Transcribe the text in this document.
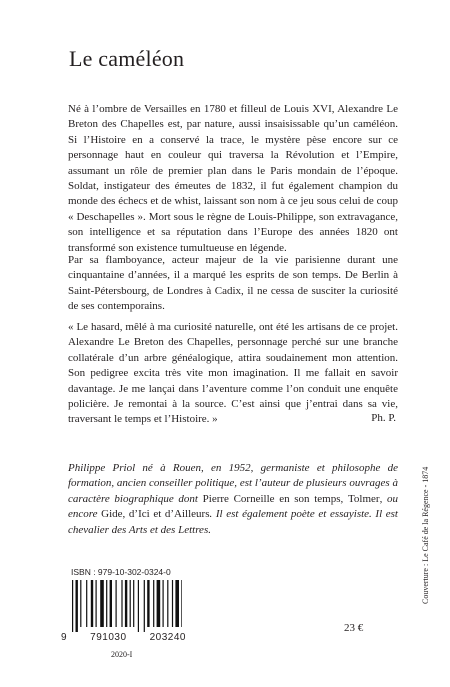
Le caméléon

Né à l’ombre de Versailles en 1780 et filleul de Louis XVI, Alexandre Le Breton des Chapelles est, par nature, aussi insaisissable qu’un caméléon. Si l’Histoire en a conservé la trace, le mystère pèse encore sur ce personnage haut en couleur qui traversa la Révolution et l’Empire, assumant un rôle de premier plan dans le Paris mondain de l’époque. Soldat, instigateur des émeutes de 1832, il fut également champion du monde des échecs et de whist, laissant son nom à ce jeu sous celui de coup « Deschapelles ». Mort sous le règne de Louis-Philippe, son extravagance, son intelligence et sa réputation dans l’Europe des années 1820 ont transformé son existence tumultueuse en légende.

Par sa flamboyance, acteur majeur de la vie parisienne durant une cinquantaine d’années, il a marqué les esprits de son temps. De Berlin à Saint-Pétersbourg, de Londres à Cadix, il ne cessa de susciter la curiosité de ses contemporains.

« Le hasard, mêlé à ma curiosité naturelle, ont été les artisans de ce projet. Alexandre Le Breton des Chapelles, personnage perché sur une branche collatérale d’un arbre généalogique, attira soudainement mon attention. Son pedigree excita très vite mon imagination. Il me fallait en savoir davantage. Je me lançai dans l’aventure comme l’on conduit une enquête policière. Je remontai à la source. C’est ainsi que j’entrai dans sa vie, traversant le temps et l’Histoire. »	Ph. P.

Philippe Priol né à Rouen, en 1952, germaniste et philosophe de formation, ancien conseiller politique, est l’auteur de plusieurs ouvrages à caractère biographique dont Pierre Corneille en son temps, Tolmer, ou encore Gide, d’Ici et d’Ailleurs. Il est également poète et essayiste. Il est chevalier des Arts et des Lettres.

ISBN : 979-10-302-0324-0
9 791030 203240
2020-I
23 €
Couverture : Le Café de la Régence - 1874
